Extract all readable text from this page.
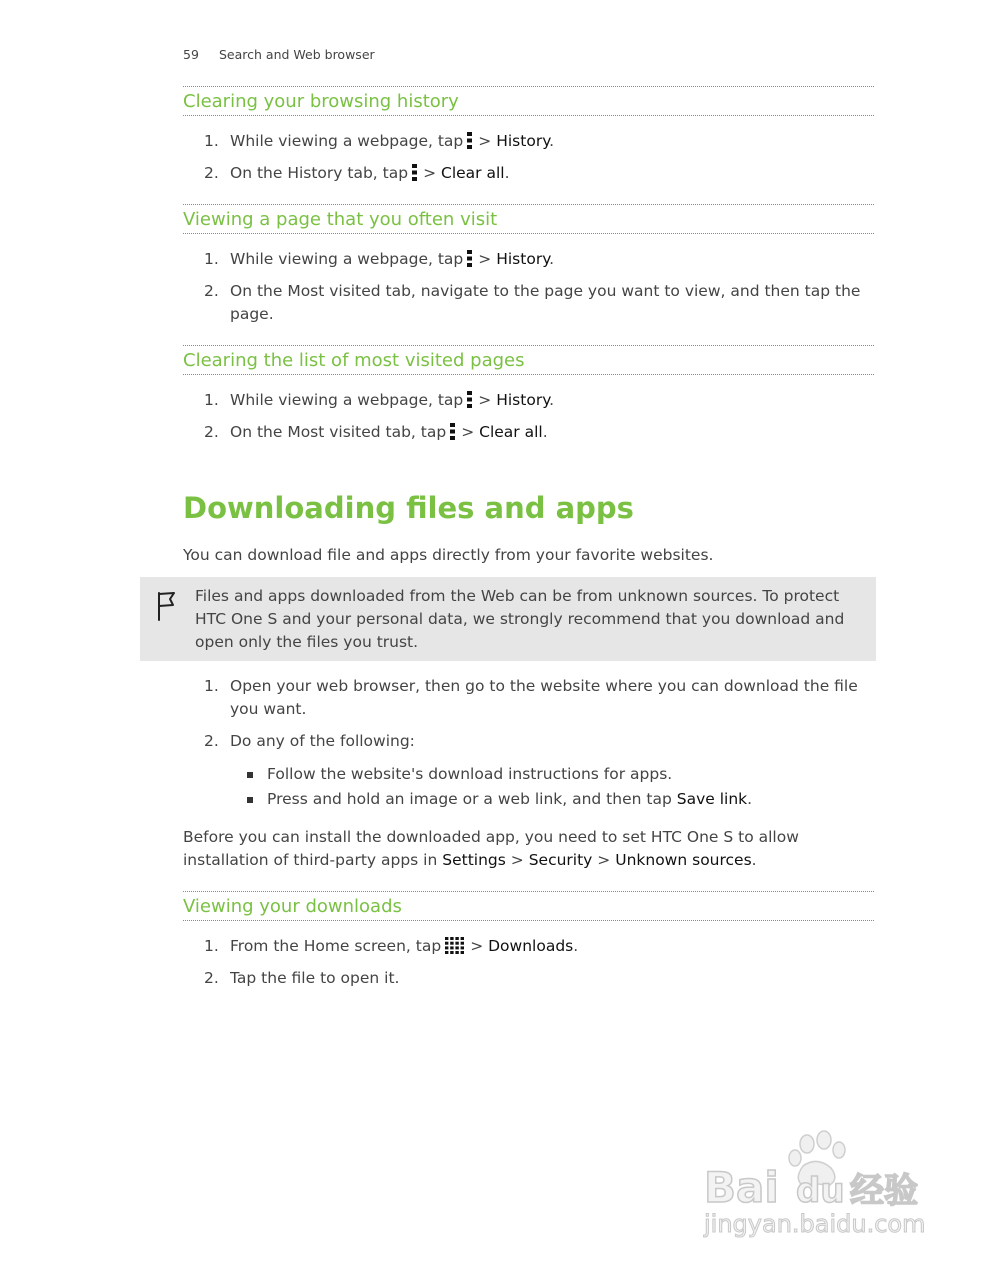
59 Search and Web browser
Clearing your browsing history
1. While viewing a webpage, tap > History.
2. On the History tab, tap > Clear all.
Viewing a page that you often visit
1. While viewing a webpage, tap > History.
2. On the Most visited tab, navigate to the page you want to view, and then tap the page.
Clearing the list of most visited pages
1. While viewing a webpage, tap > History.
2. On the Most visited tab, tap > Clear all.
Downloading files and apps

You can download file and apps directly from your favorite websites.

Files and apps downloaded from the Web can be from unknown sources. To protect HTC One S and your personal data, we strongly recommend that you download and open only the files you trust.

1. Open your web browser, then go to the website where you can download the file you want.
2. Do any of the following:
Follow the website's download instructions for apps.
Press and hold an image or a web link, and then tap Save link.

Before you can install the downloaded app, you need to set HTC One S to allow installation of third-party apps in Settings > Security > Unknown sources.

Viewing your downloads
1. From the Home screen, tap > Downloads.
2. Tap the file to open it.
Bai du 经验
jingyan.baidu.com
